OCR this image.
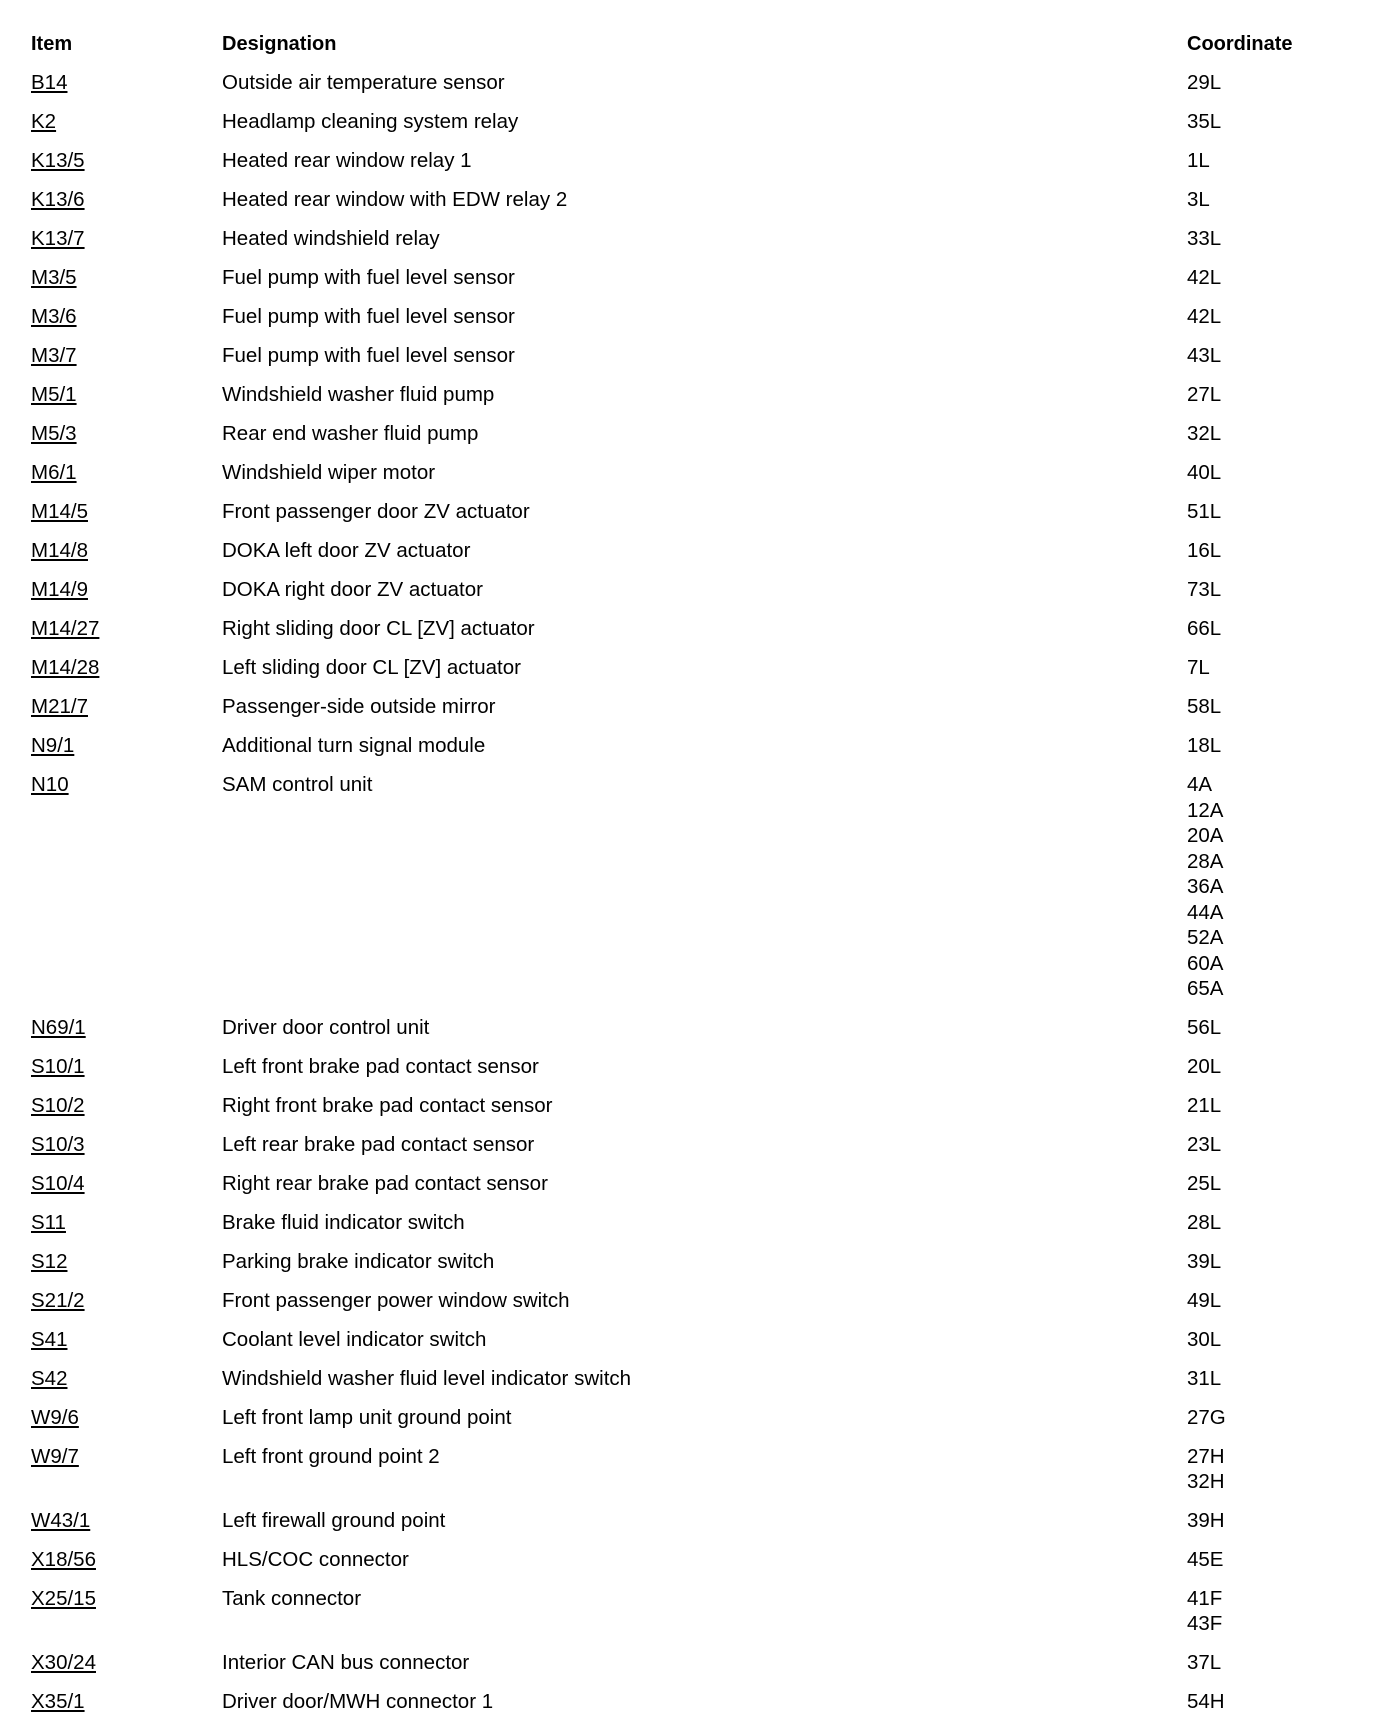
Item	Designation	Coordinate
B14	Outside air temperature sensor	29L
K2	Headlamp cleaning system relay	35L
K13/5	Heated rear window relay 1	1L
K13/6	Heated rear window with EDW relay 2	3L
K13/7	Heated windshield relay	33L
M3/5	Fuel pump with fuel level sensor	42L
M3/6	Fuel pump with fuel level sensor	42L
M3/7	Fuel pump with fuel level sensor	43L
M5/1	Windshield washer fluid pump	27L
M5/3	Rear end washer fluid pump	32L
M6/1	Windshield wiper motor	40L
M14/5	Front passenger door ZV actuator	51L
M14/8	DOKA left door ZV actuator	16L
M14/9	DOKA right door ZV actuator	73L
M14/27	Right sliding door CL [ZV] actuator	66L
M14/28	Left sliding door CL [ZV] actuator	7L
M21/7	Passenger-side outside mirror	58L
N9/1	Additional turn signal module	18L
N10	SAM control unit	4A
12A
20A
28A
36A
44A
52A
60A
65A
N69/1	Driver door control unit	56L
S10/1	Left front brake pad contact sensor	20L
S10/2	Right front brake pad contact sensor	21L
S10/3	Left rear brake pad contact sensor	23L
S10/4	Right rear brake pad contact sensor	25L
S11	Brake fluid indicator switch	28L
S12	Parking brake indicator switch	39L
S21/2	Front passenger power window switch	49L
S41	Coolant level indicator switch	30L
S42	Windshield washer fluid level indicator switch	31L
W9/6	Left front lamp unit ground point	27G
W9/7	Left front ground point 2	27H
32H
W43/1	Left firewall ground point	39H
X18/56	HLS/COC connector	45E
X25/15	Tank connector	41F
43F
X30/24	Interior CAN bus connector	37L
X35/1	Driver door/MWH connector 1	54H
